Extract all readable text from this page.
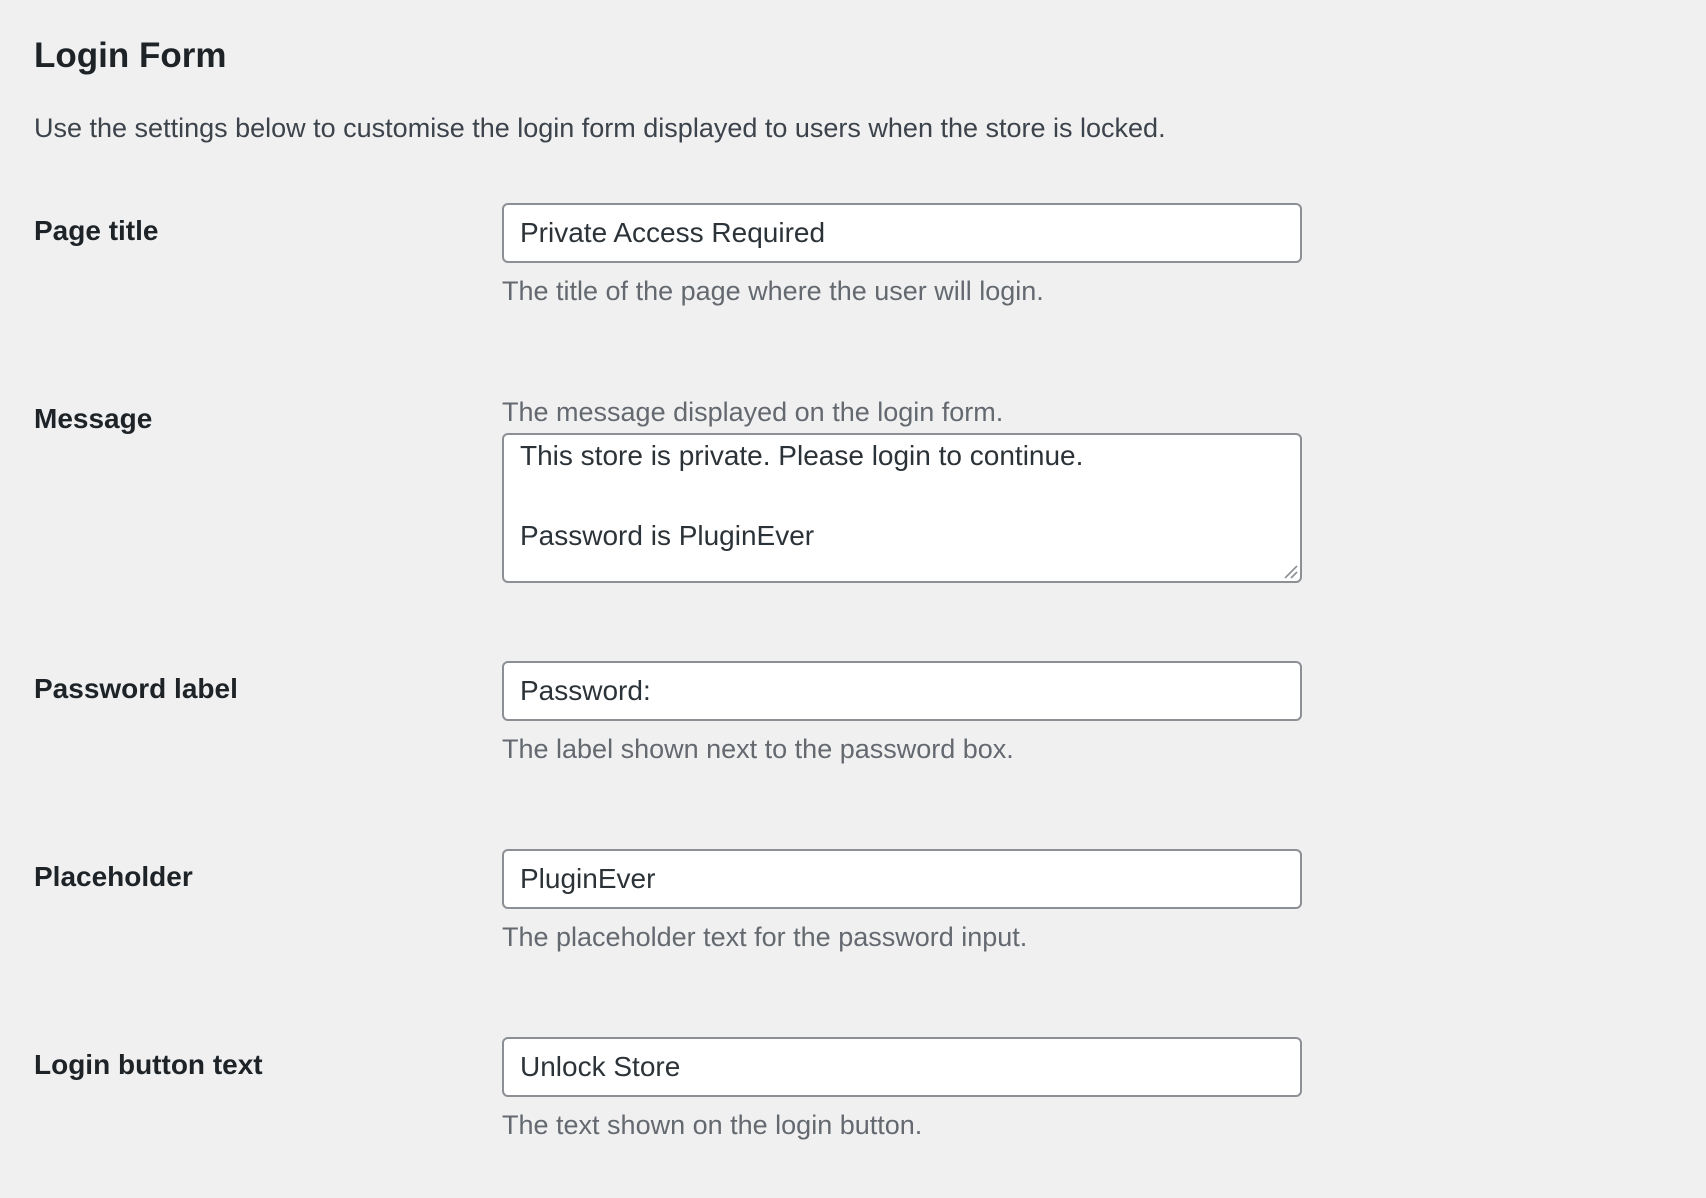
Login Form

Use the settings below to customise the login form displayed to users when the store is locked.

Page title
Private Access Required

The title of the page where the user will login.

Message	The message displayed on the login form.

This store is private. Please login to continue. Password is PluginEver
Password label
Password:

The label shown next to the password box.

Placeholder
PluginEver

The placeholder text for the password input.

Login button text
Unlock Store

The text shown on the login button.
